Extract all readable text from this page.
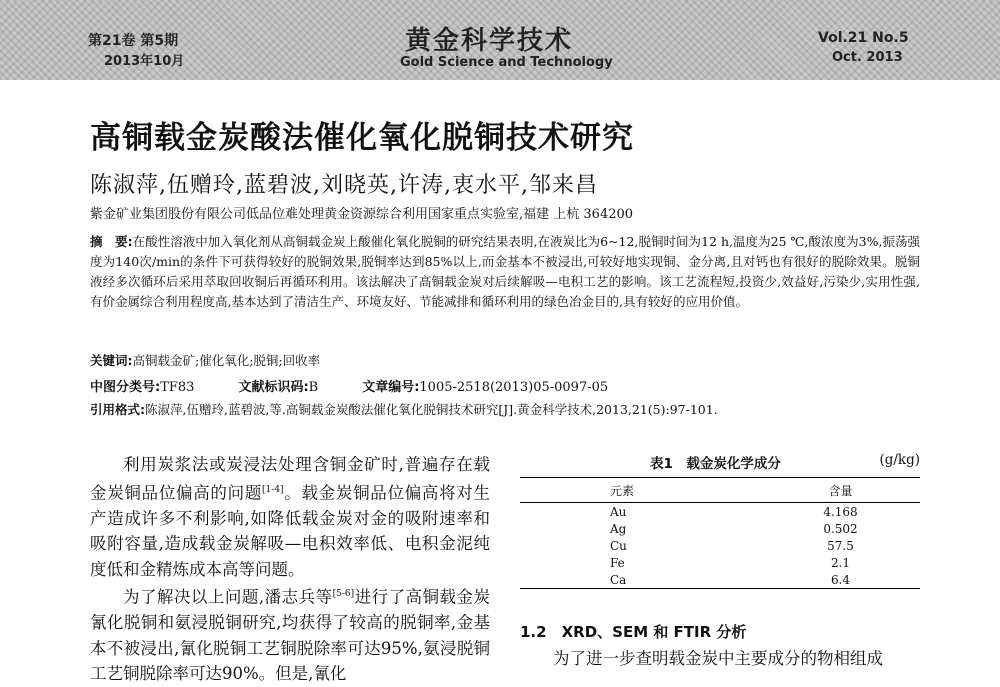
第21卷 第5期
2013年10月
黄金科学技术
Gold Science and Technology
Vol.21 No.5
Oct. 2013
高铜载金炭酸法催化氧化脱铜技术研究
陈淑萍,伍赠玲,蓝碧波,刘晓英,许涛,衷水平,邹来昌
紫金矿业集团股份有限公司低品位难处理黄金资源综合利用国家重点实验室,福建 上杭 364200
摘　要:在酸性溶液中加入氧化剂从高铜载金炭上酸催化氧化脱铜的研究结果表明,在液炭比为6~12,脱铜时间为12 h,温度为25 ℃,酸浓度为3%,振荡强度为140次/min的条件下可获得较好的脱铜效果,脱铜率达到85%以上,而金基本不被浸出,可较好地实现铜、金分离,且对钙也有很好的脱除效果。脱铜液经多次循环后采用萃取回收铜后再循环利用。该法解决了高铜载金炭对后续解吸—电积工艺的影响。该工艺流程短,投资少,效益好,污染少,实用性强,有价金属综合利用程度高,基本达到了清洁生产、环境友好、节能减排和循环利用的绿色冶金目的,具有较好的应用价值。
关键词:高铜载金矿;催化氧化;脱铜;回收率
中图分类号:TF83	文献标识码:B	文章编号:1005-2518(2013)05-0097-05
引用格式:陈淑萍,伍赠玲,蓝碧波,等.高铜载金炭酸法催化氧化脱铜技术研究[J].黄金科学技术,2013,21(5):97-101.

利用炭浆法或炭浸法处理含铜金矿时,普遍存在载金炭铜品位偏高的问题[1-4]。载金炭铜品位偏高将对生产造成许多不利影响,如降低载金炭对金的吸附速率和吸附容量,造成载金炭解吸—电积效率低、电积金泥纯度低和金精炼成本高等问题。

为了解决以上问题,潘志兵等[5-6]进行了高铜载金炭氰化脱铜和氨浸脱铜研究,均获得了较高的脱铜率,金基本不被浸出,氰化脱铜工艺铜脱除率可达95%,氨浸脱铜工艺铜脱除率可达90%。但是,氰化

表1　载金炭化学成分	(g/kg)
元素	含量
Au	4.168
Ag	0.502
Cu	57.5
Fe	2.1
Ca	6.4
1.2　XRD、SEM 和 FTIR 分析
为了进一步查明载金炭中主要成分的物相组成
